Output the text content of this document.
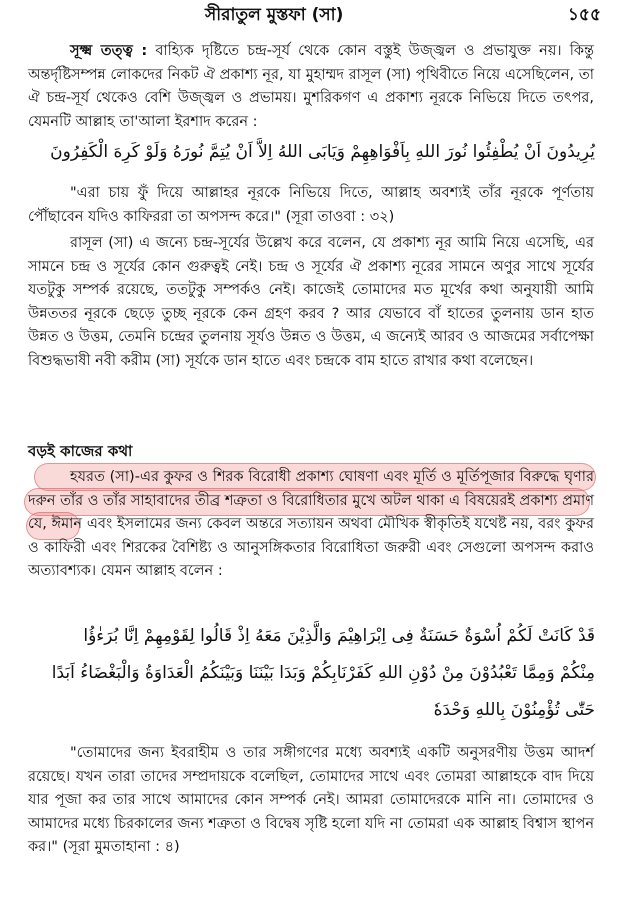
সীরাতুল মুস্তফা (সা)	১৫৫

সূক্ষ্ম তত্ত্ব : বাহ্যিক দৃষ্টিতে চন্দ্র-সূর্য থেকে কোন বস্তুই উজ্জ্বল ও প্রভাযুক্ত নয়। কিন্তু অন্তর্দৃষ্টিসম্পন্ন লোকদের নিকট ঐ প্রকাশ্য নূর, যা মুহাম্মদ রাসূল (সা) পৃথিবীতে নিয়ে এসেছিলেন, তা ঐ চন্দ্র-সূর্য থেকেও বেশি উজ্জ্বল ও প্রভাময়। মুশরিকগণ এ প্রকাশ্য নূরকে নিভিয়ে দিতে তৎপর, যেমনটি আল্লাহ তা'আলা ইরশাদ করেন :

يُرِيدُونَ اَنْ يُطْفِئُوا نُورَ اللهِ بِاَفْوَاهِهِمْ وَيَابَى اللهُ اِلاَّ اَنْ يُتِمَّ نُورَهُ وَلَوْ كَرِهَ الْكَفِرُونَ

"এরা চায় ফুঁ দিয়ে আল্লাহর নূরকে নিভিয়ে দিতে, আল্লাহ অবশ্যই তাঁর নূরকে পূর্ণতায় পৌঁছাবেন যদিও কাফিররা তা অপসন্দ করে।" (সূরা তাওবা : ৩২)

রাসূল (সা) এ জন্যে চন্দ্র-সূর্যের উল্লেখ করে বলেন, যে প্রকাশ্য নূর আমি নিয়ে এসেছি, এর সামনে চন্দ্র ও সূর্যের কোন গুরুত্বই নেই। চন্দ্র ও সূর্যের ঐ প্রকাশ্য নূরের সামনে অণুর সাথে সূর্যের যতটুকু সম্পর্ক রয়েছে, ততটুকু সম্পর্কও নেই। কাজেই তোমাদের মত মূর্খের কথা অনুযায়ী আমি উন্নততর নূরকে ছেড়ে তুচ্ছ নূরকে কেন গ্রহণ করব ? আর যেভাবে বাঁ হাতের তুলনায় ডান হাত উন্নত ও উত্তম, তেমনি চন্দ্রের তুলনায় সূর্যও উন্নত ও উত্তম, এ জন্যেই আরব ও আজমের সর্বাপেক্ষা বিশুদ্ধভাষী নবী করীম (সা) সূর্যকে ডান হাতে এবং চন্দ্রকে বাম হাতে রাখার কথা বলেছেন।

বড়ই কাজের কথা

হযরত (সা)-এর কুফর ও শিরক বিরোধী প্রকাশ্য ঘোষণা এবং মূর্তি ও মূর্তিপূজার বিরুদ্ধে ঘৃণার দরুন তাঁর ও তাঁর সাহাবাদের তীব্র শত্রুতা ও বিরোধিতার মুখে অটল থাকা এ বিষয়েরই প্রকাশ্য প্রমাণ যে, ঈমান এবং ইসলামের জন্য কেবল অন্তরে সত্যায়ন অথবা মৌখিক স্বীকৃতিই যথেষ্ট নয়, বরং কুফর ও কাফিরী এবং শিরকের বৈশিষ্ট্য ও আনুসঙ্গিকতার বিরোধিতা জরুরী এবং সেগুলো অপসন্দ করাও অত্যাবশ্যক। যেমন আল্লাহ বলেন :

قَدْ كَانَتْ لَكُمْ اُسْوَةٌ حَسَنَةٌ فِى اِبْرَاهِيْمَ وَالَّذِيْنَ مَعَهُ اِذْ قَالُوا لِقَوْمِهِمْ اِنَّا بُرَءٰؤُا
مِنْكُمْ وَمِمَّا تَعْبُدُوْنَ مِنْ دُوْنِ اللهِ كَفَرْنَابِكُمْ وَبَدَا بَيْنَنَا وَبَيْنَكُمُ الْعَدَاوَةُ وَالْبَغْضَاءُ اَبَدًا
حَتّٰى تُؤْمِنُوْنَ بِاللهِ وَحْدَهٗ

"তোমাদের জন্য ইবরাহীম ও তার সঙ্গীগণের মধ্যে অবশ্যই একটি অনুসরণীয় উত্তম আদর্শ রয়েছে। যখন তারা তাদের সম্প্রদায়কে বলেছিল, তোমাদের সাথে এবং তোমরা আল্লাহকে বাদ দিয়ে যার পূজা কর তার সাথে আমাদের কোন সম্পর্ক নেই। আমরা তোমাদেরকে মানি না। তোমাদের ও আমাদের মধ্যে চিরকালের জন্য শত্রুতা ও বিদ্বেষ সৃষ্টি হলো যদি না তোমরা এক আল্লাহ বিশ্বাস স্থাপন কর।" (সূরা মুমতাহানা : ৪)
